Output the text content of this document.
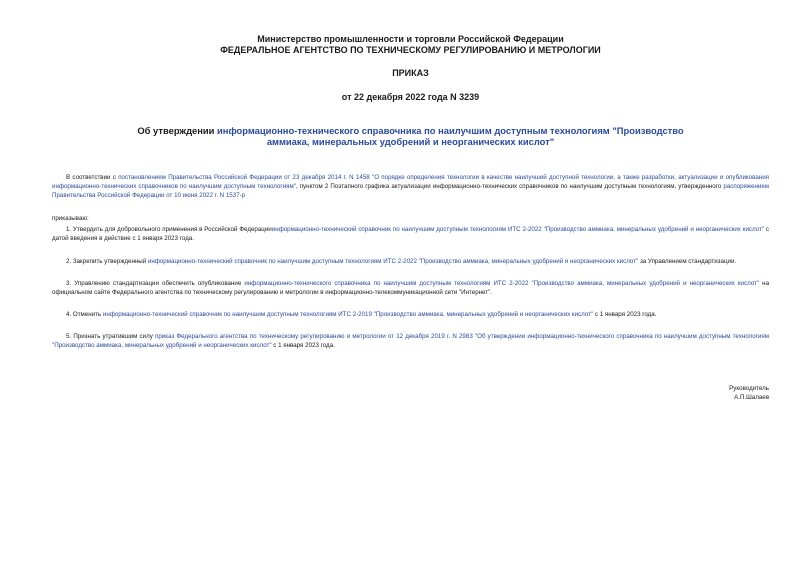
Министерство промышленности и торговли Российской Федерации
ФЕДЕРАЛЬНОЕ АГЕНТСТВО ПО ТЕХНИЧЕСКОМУ РЕГУЛИРОВАНИЮ И МЕТРОЛОГИИ
ПРИКАЗ
от 22 декабря 2022 года N 3239
Об утверждении информационно-технического справочника по наилучшим доступным технологиям "Производство аммиака, минеральных удобрений и неорганических кислот"

В соответствии с постановлением Правительства Российской Федерации от 23 декабря 2014 г. N 1458 "О порядке определения технологии в качестве наилучшей доступной технологии, а также разработки, актуализации и опубликования информационно-технических справочников по наилучшим доступным технологиям", пунктом 2 Поэтапного графика актуализации информационно-технических справочников по наилучшим доступным технологиям, утвержденного распоряжением Правительства Российской Федерации от 10 июня 2022 г. N 1537-р

приказываю:

1. Утвердить для добровольного применения в Российской Федерацииинформационно-технический справочник по наилучшим доступным технологиям ИТС 2-2022 "Производство аммиака, минеральных удобрений и неорганических кислот" с датой введения в действие с 1 января 2023 года.

2. Закрепить утвержденный информационно-технический справочник по наилучшим доступным технологиям ИТС 2-2022 "Производство аммиака, минеральных удобрений и неорганических кислот" за Управлением стандартизации.

3. Управлению стандартизации обеспечить опубликование информационно-технического справочника по наилучшим доступным технологиям ИТС 2-2022 "Производство аммиака, минеральных удобрений и неорганических кислот" на официальном сайте Федерального агентства по техническому регулированию и метрологии в информационно-телекоммуникационной сети "Интернет".

4. Отменить информационно-технический справочник по наилучшим доступным технологиям ИТС 2-2019 "Производство аммиака, минеральных удобрений и неорганических кислот" с 1 января 2023 года.

5. Признать утратившим силу приказ Федерального агентства по техническому регулированию и метрологии от 12 декабря 2019 г. N 2983 "Об утверждении информационно-технического справочника по наилучшим доступным технологиям "Производство аммиака, минеральных удобрений и неорганических кислот" с 1 января 2023 года.

Руководитель
А.П.Шалаев
